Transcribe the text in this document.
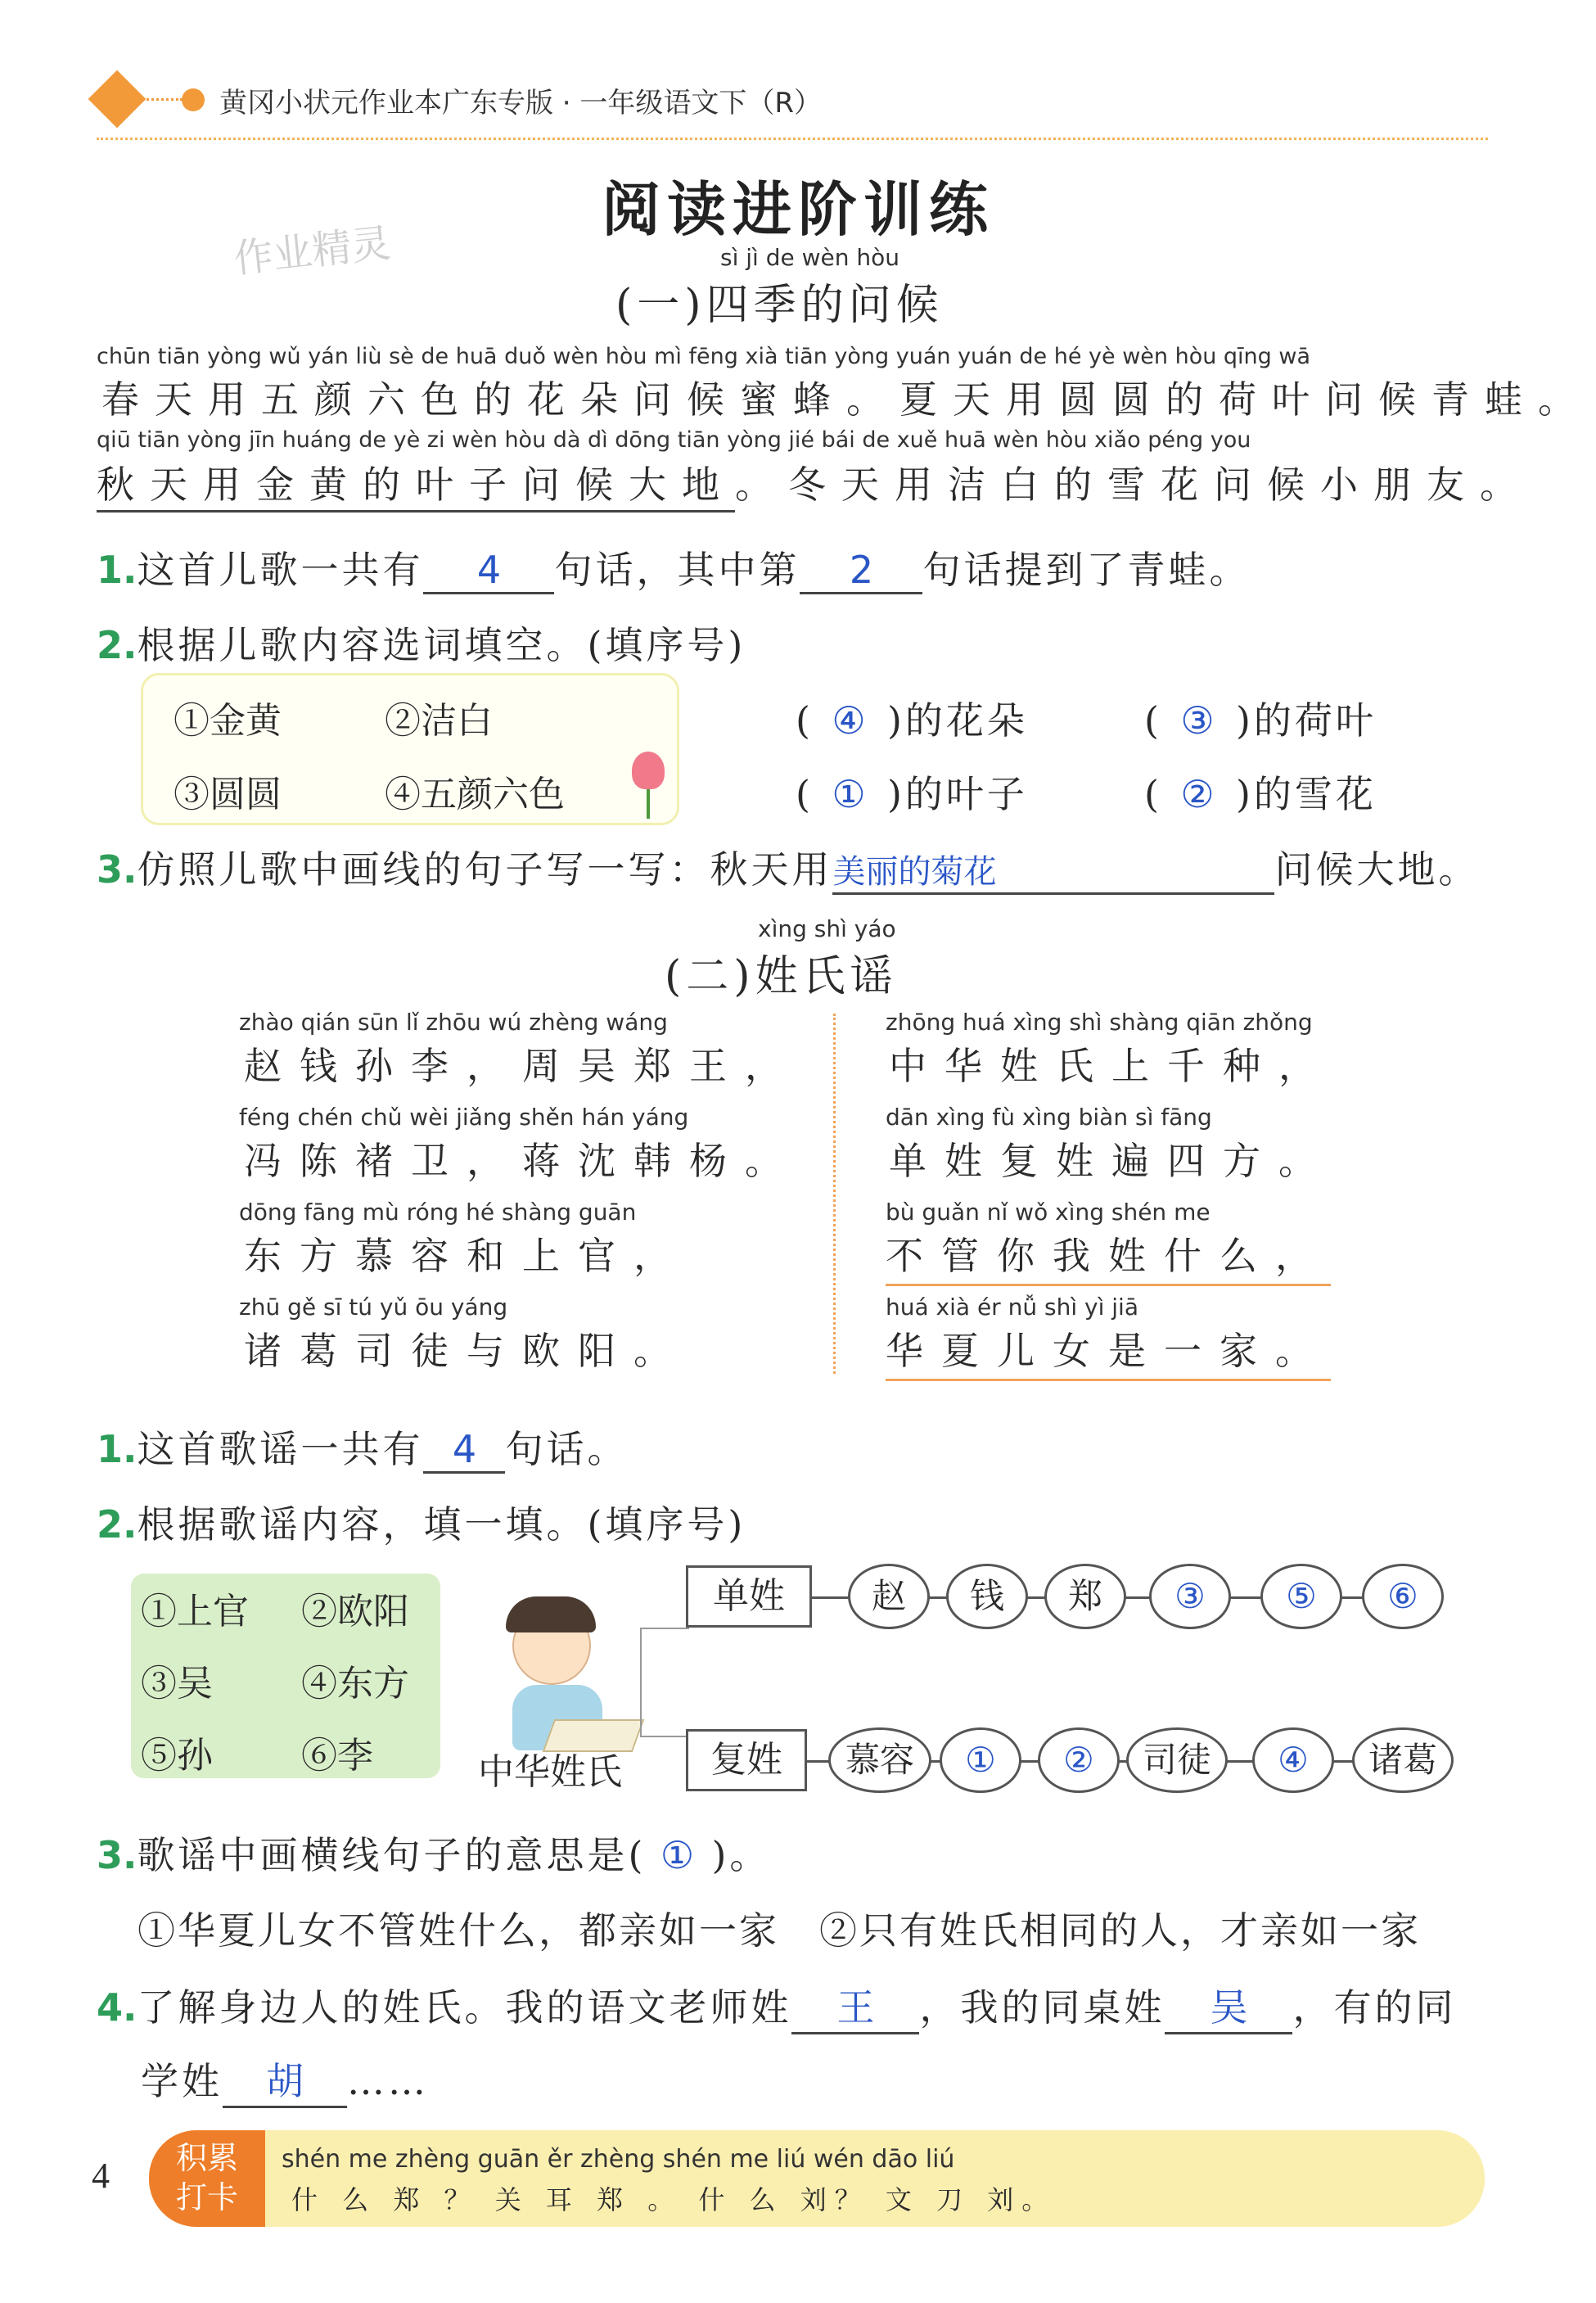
黄冈小状元作业本广东专版 · 一年级语文下（R）
阅读进阶训练
作业精灵	sì jì de wèn hòu
(一)四季的问候
chūn tiān yòng wǔ yán liù sè de huā duǒ wèn hòu mì fēng xià tiān yòng yuán yuán de hé yè wèn hòu qīng wā
春天用五颜六色的花朵问候蜜蜂。夏天用圆圆的荷叶问候青蛙。
qiū tiān yòng jīn huáng de yè zi wèn hòu dà dì dōng tiān yòng jié bái de xuě huā wèn hòu xiǎo péng you
秋天用金黄的叶子问候大地。冬天用洁白的雪花问候小朋友。
1.这首儿歌一共有 4 句话，其中第 2 句话提到了青蛙。
2.根据儿歌内容选词填空。(填序号)
①金黄	②洁白
③圆圆	④五颜六色
( ④ )的花朵	( ③ )的荷叶
( ① )的叶子	( ② )的雪花
3.仿照儿歌中画线的句子写一写：秋天用美丽的菊花	问候大地。
xìng shì yáo
(二)姓氏谣
zhào qián sūn lǐ zhōu wú zhèng wáng
赵钱孙李，周吴郑王，
féng chén chǔ wèi jiǎng shěn hán yáng
冯陈褚卫，蒋沈韩杨。
dōng fāng mù róng hé shàng guān
东方慕容和上官，
zhū gě sī tú yǔ ōu yáng
诸葛司徒与欧阳。
zhōng huá xìng shì shàng qiān zhǒng
中华姓氏上千种，
dān xìng fù xìng biàn sì fāng
单姓复姓遍四方。
bù guǎn nǐ wǒ xìng shén me
不管你我姓什么，
huá xià ér nǚ shì yì jiā
华夏儿女是一家。
1.这首歌谣一共有 4 句话。
2.根据歌谣内容，填一填。(填序号)
①上官 ②欧阳
③吴 ④东方
⑤孙 ⑥李	中华姓氏
单姓	赵	钱	郑	③	⑤	⑥
复姓	慕容	①	②	司徒	④	诸葛
3.歌谣中画横线句子的意思是( ① )。
①华夏儿女不管姓什么，都亲如一家　②只有姓氏相同的人，才亲如一家
4.了解身边人的姓氏。我的语文老师姓 王 ，我的同桌姓 吴 ，有的同
学姓 胡 ……
4	积累
打卡
shén me zhèng guān ěr zhèng shén me liú wén dāo liú
什 么 郑 ？ 关 耳 郑 。 什 么 刘？ 文 刀 刘。
